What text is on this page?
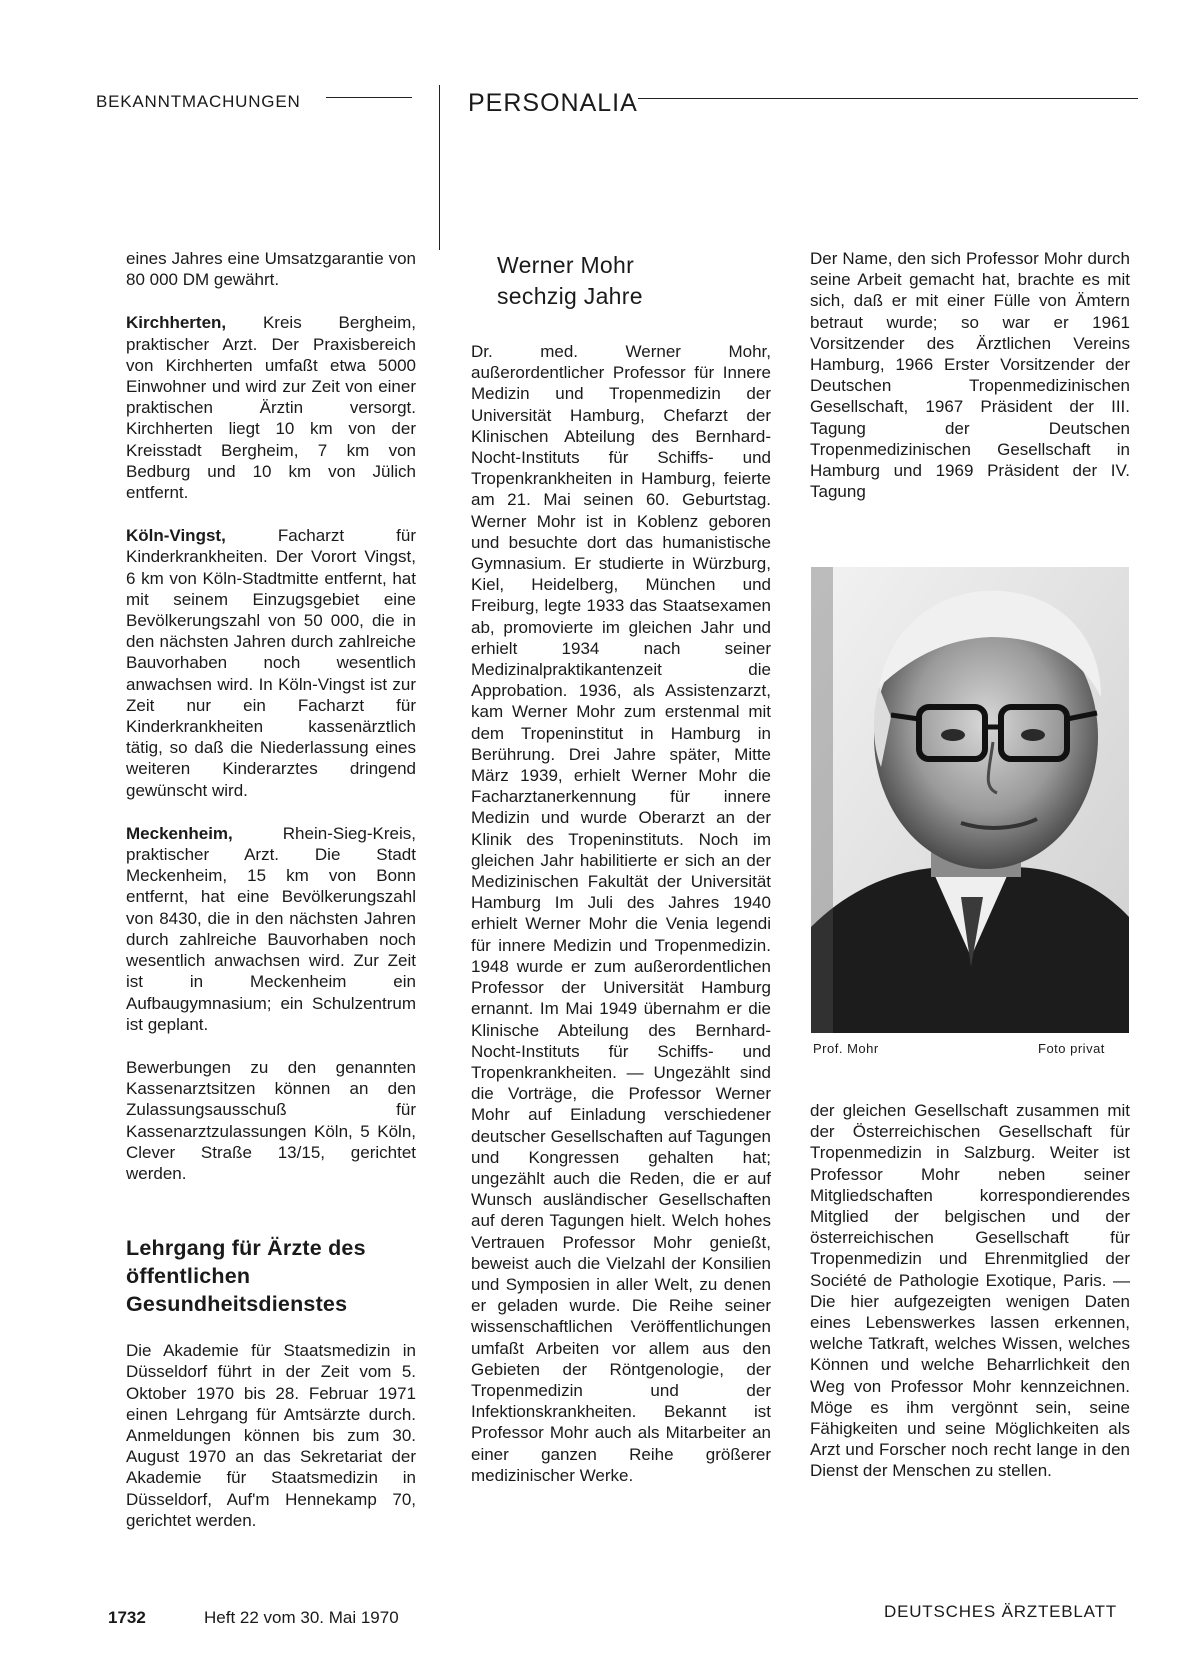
BEKANNTMACHUNGEN	PERSONALIA

eines Jahres eine Umsatzgarantie von 80 000 DM gewährt.

Kirchherten, Kreis Bergheim, praktischer Arzt. Der Praxisbereich von Kirchherten umfaßt etwa 5000 Einwohner und wird zur Zeit von einer praktischen Ärztin versorgt. Kirchherten liegt 10 km von der Kreisstadt Bergheim, 7 km von Bedburg und 10 km von Jülich entfernt.

Köln-Vingst, Facharzt für Kinderkrankheiten. Der Vorort Vingst, 6 km von Köln-Stadtmitte entfernt, hat mit seinem Einzugsgebiet eine Bevölkerungszahl von 50 000, die in den nächsten Jahren durch zahlreiche Bauvorhaben noch wesentlich anwachsen wird. In Köln-Vingst ist zur Zeit nur ein Facharzt für Kinderkrankheiten kassenärztlich tätig, so daß die Niederlassung eines weiteren Kinderarztes dringend gewünscht wird.

Meckenheim, Rhein-Sieg-Kreis, praktischer Arzt. Die Stadt Meckenheim, 15 km von Bonn entfernt, hat eine Bevölkerungszahl von 8430, die in den nächsten Jahren durch zahlreiche Bauvorhaben noch wesentlich anwachsen wird. Zur Zeit ist in Meckenheim ein Aufbaugymnasium; ein Schulzentrum ist geplant.

Bewerbungen zu den genannten Kassenarztsitzen können an den Zulassungsausschuß für Kassenarztzulassungen Köln, 5 Köln, Clever Straße 13/15, gerichtet werden.

Lehrgang für Ärzte des öffentlichen Gesundheitsdienstes

Die Akademie für Staatsmedizin in Düsseldorf führt in der Zeit vom 5. Oktober 1970 bis 28. Februar 1971 einen Lehrgang für Amtsärzte durch. Anmeldungen können bis zum 30. August 1970 an das Sekretariat der Akademie für Staatsmedizin in Düsseldorf, Auf'm Hennekamp 70, gerichtet werden.

Werner Mohr
sechzig Jahre

Dr. med. Werner Mohr, außerordentlicher Professor für Innere Medizin und Tropenmedizin der Universität Hamburg, Chefarzt der Klinischen Abteilung des Bernhard-Nocht-Instituts für Schiffs- und Tropenkrankheiten in Hamburg, feierte am 21. Mai seinen 60. Geburtstag. Werner Mohr ist in Koblenz geboren und besuchte dort das humanistische Gymnasium. Er studierte in Würzburg, Kiel, Heidelberg, München und Freiburg, legte 1933 das Staatsexamen ab, promovierte im gleichen Jahr und erhielt 1934 nach seiner Medizinalpraktikantenzeit die Approbation. 1936, als Assistenzarzt, kam Werner Mohr zum erstenmal mit dem Tropeninstitut in Hamburg in Berührung. Drei Jahre später, Mitte März 1939, erhielt Werner Mohr die Facharztanerkennung für innere Medizin und wurde Oberarzt an der Klinik des Tropeninstituts. Noch im gleichen Jahr habilitierte er sich an der Medizinischen Fakultät der Universität Hamburg Im Juli des Jahres 1940 erhielt Werner Mohr die Venia legendi für innere Medizin und Tropenmedizin. 1948 wurde er zum außerordentlichen Professor der Universität Hamburg ernannt. Im Mai 1949 übernahm er die Klinische Abteilung des Bernhard-Nocht-Instituts für Schiffs- und Tropenkrankheiten. — Ungezählt sind die Vorträge, die Professor Werner Mohr auf Einladung verschiedener deutscher Gesellschaften auf Tagungen und Kongressen gehalten hat; ungezählt auch die Reden, die er auf Wunsch ausländischer Gesellschaften auf deren Tagungen hielt. Welch hohes Vertrauen Professor Mohr genießt, beweist auch die Vielzahl der Konsilien und Symposien in aller Welt, zu denen er geladen wurde. Die Reihe seiner wissenschaftlichen Veröffentlichungen umfaßt Arbeiten vor allem aus den Gebieten der Röntgenologie, der Tropenmedizin und der Infektionskrankheiten. Bekannt ist Professor Mohr auch als Mitarbeiter an einer ganzen Reihe größerer medizinischer Werke.

Der Name, den sich Professor Mohr durch seine Arbeit gemacht hat, brachte es mit sich, daß er mit einer Fülle von Ämtern betraut wurde; so war er 1961 Vorsitzender des Ärztlichen Vereins Hamburg, 1966 Erster Vorsitzender der Deutschen Tropenmedizinischen Gesellschaft, 1967 Präsident der III. Tagung der Deutschen Tropenmedizinischen Gesellschaft in Hamburg und 1969 Präsident der IV. Tagung

Prof. Mohr	Foto privat

der gleichen Gesellschaft zusammen mit der Österreichischen Gesellschaft für Tropenmedizin in Salzburg. Weiter ist Professor Mohr neben seiner Mitgliedschaften korrespondierendes Mitglied der belgischen und der österreichischen Gesellschaft für Tropenmedizin und Ehrenmitglied der Société de Pathologie Exotique, Paris. — Die hier aufgezeigten wenigen Daten eines Lebenswerkes lassen erkennen, welche Tatkraft, welches Wissen, welches Können und welche Beharrlichkeit den Weg von Professor Mohr kennzeichnen. Möge es ihm vergönnt sein, seine Fähigkeiten und seine Möglichkeiten als Arzt und Forscher noch recht lange in den Dienst der Menschen zu stellen.

1732	Heft 22 vom 30. Mai 1970	DEUTSCHES ÄRZTEBLATT
